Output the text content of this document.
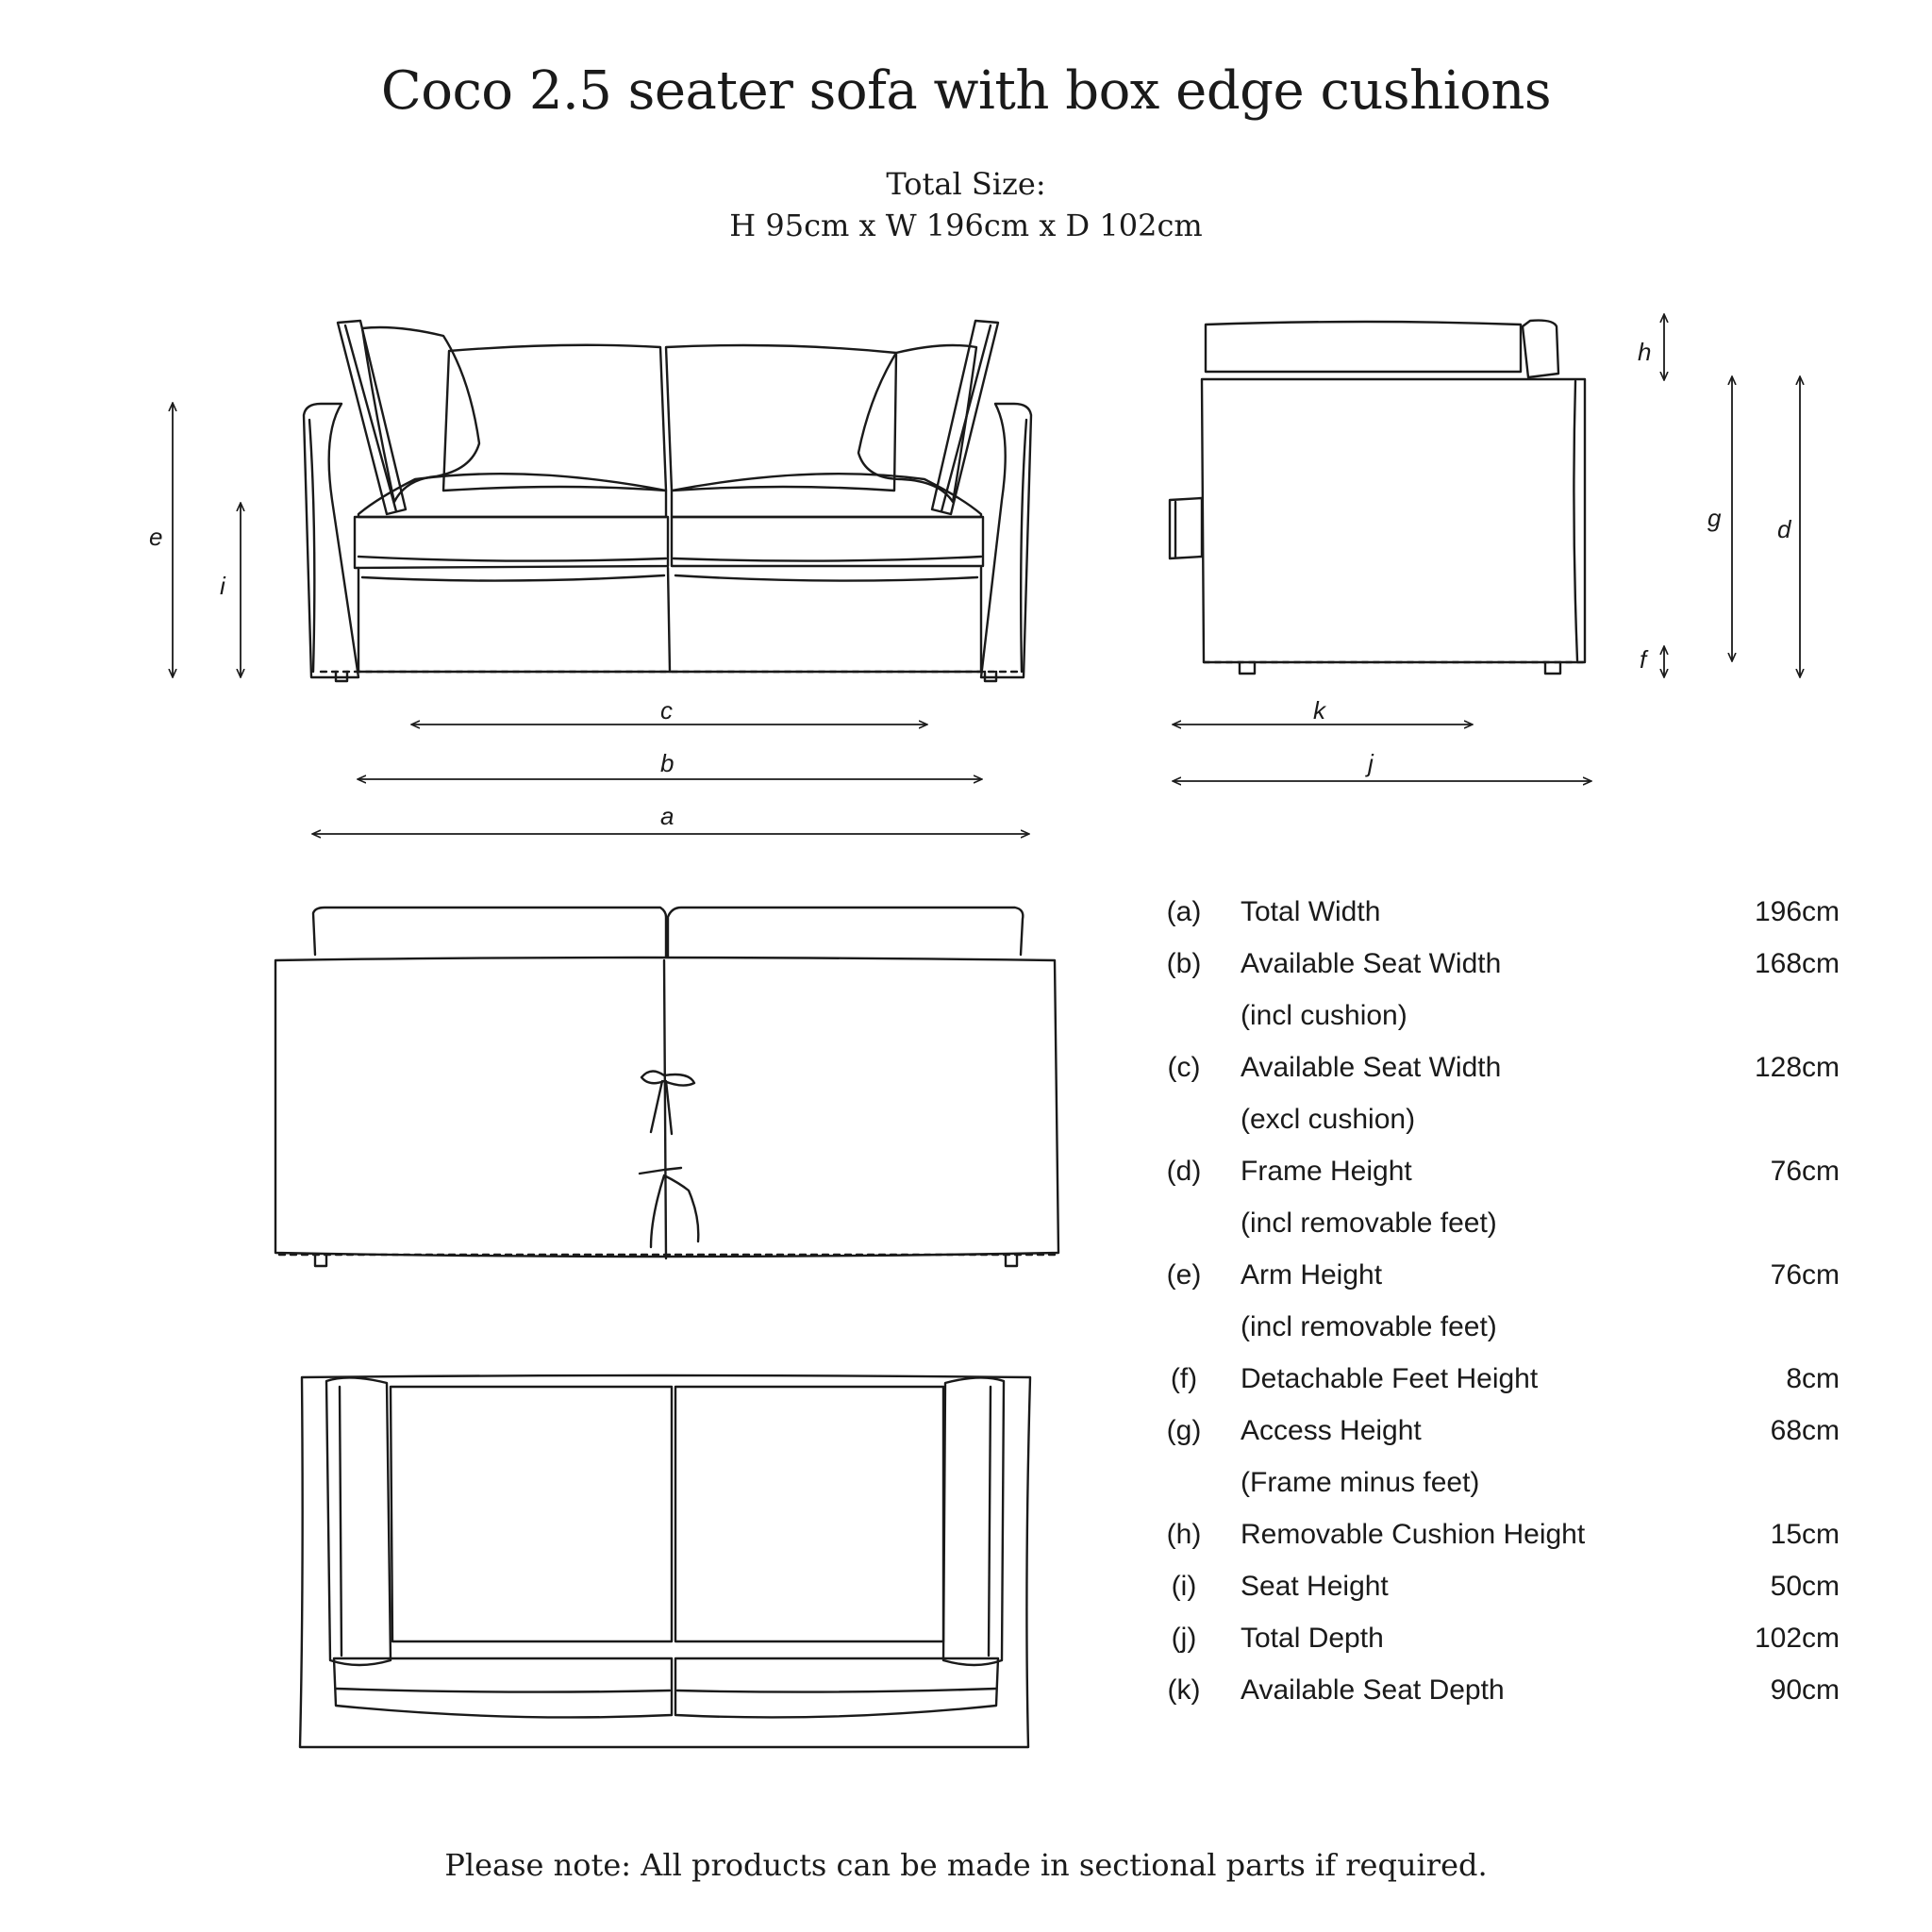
Coco 2.5 seater sofa with box edge cushions
Total Size:
H 95cm x W 196cm x D 102cm
e
i
c
b
a
h
g d
f
k
j
(a) Total Width	196cm
(b) Available Seat Width	168cm
(incl cushion)
(c) Available Seat Width	128cm
(excl cushion)
(d) Frame Height	76cm
(incl removable feet)
(e) Arm Height	76cm
(incl removable feet)
(f)	Detachable Feet Height	8cm
(g) Access Height	68cm
(Frame minus feet)
(h) Removable Cushion Height	15cm
(i)	Seat Height	50cm
(j)	Total Depth	102cm
(k) Available Seat Depth	90cm
Please note: All products can be made in sectional parts if required.
